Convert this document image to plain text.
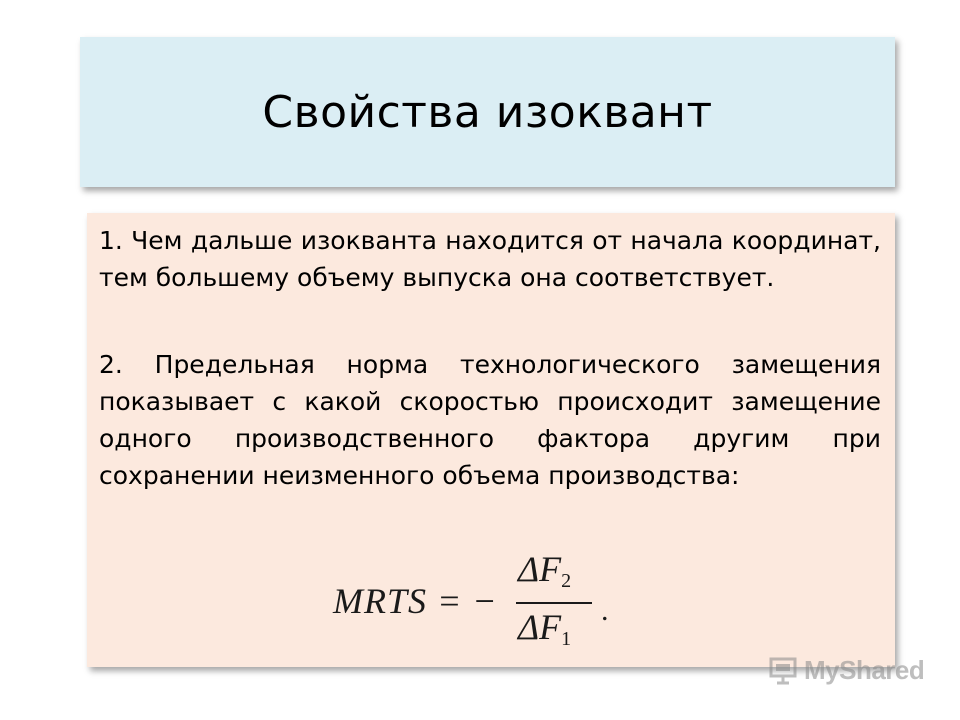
Свойства изоквант

1. Чем дальше изокванта находится от начала координат, тем большему объему выпуска она соответствует.

2. Предельная норма технологического замещения показывает с какой скоростью происходит замещение одного производственного фактора другим при сохранении неизменного объема производства:

MRTS = −
$\Delta F_2$
$\Delta F_1$
.
MyShared
